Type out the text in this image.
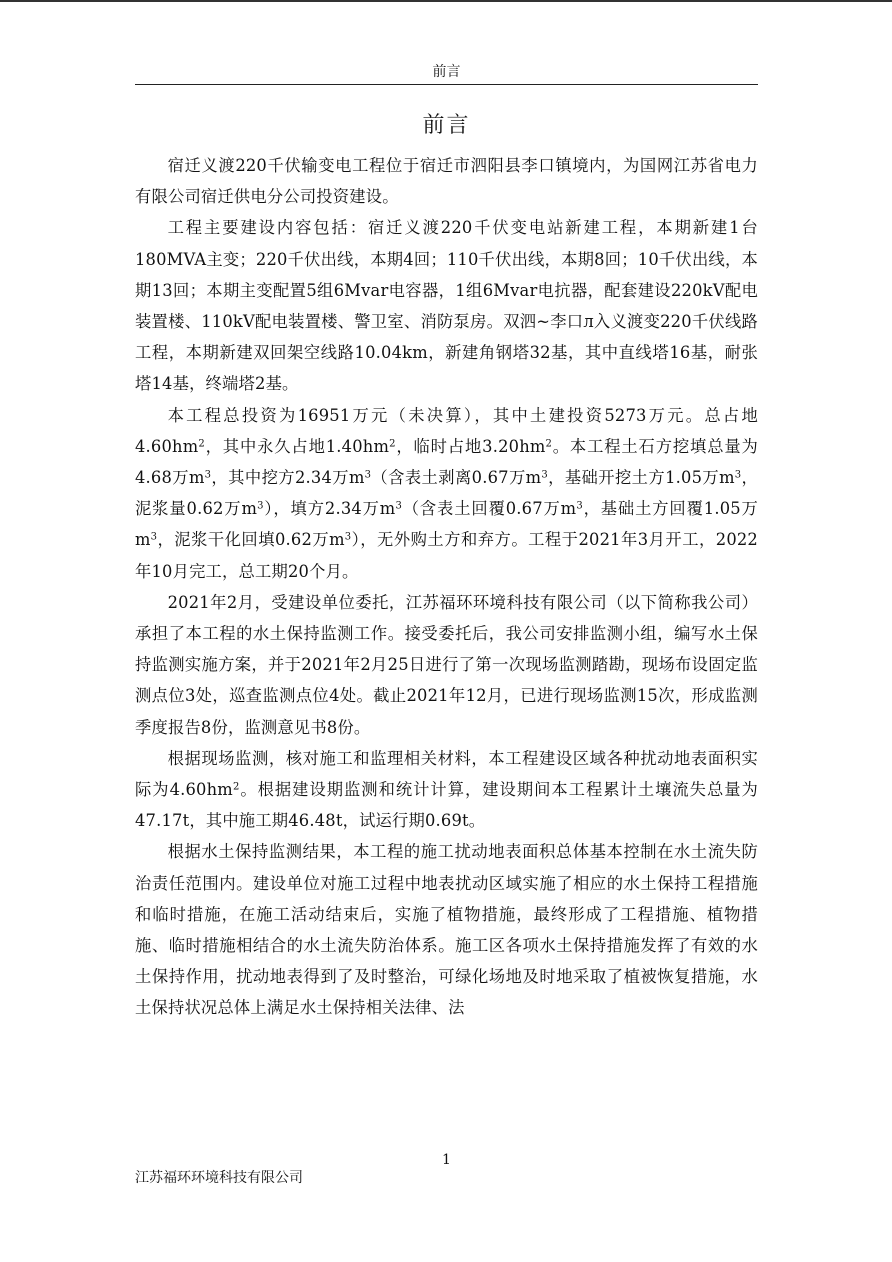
前言
前言

宿迁义渡220千伏输变电工程位于宿迁市泗阳县李口镇境内，为国网江苏省电力有限公司宿迁供电分公司投资建设。

工程主要建设内容包括：宿迁义渡220千伏变电站新建工程，本期新建1台180MVA主变；220千伏出线，本期4回；110千伏出线，本期8回；10千伏出线，本期13回；本期主变配置5组6Mvar电容器，1组6Mvar电抗器，配套建设220kV配电装置楼、110kV配电装置楼、警卫室、消防泵房。双泗~李口л入义渡变220千伏线路工程，本期新建双回架空线路10.04km，新建角钢塔32基，其中直线塔16基，耐张塔14基，终端塔2基。

本工程总投资为16951万元（未决算），其中土建投资5273万元。总占地$4.60hm^2$，其中永久占地$1.40hm^2$，临时占地$3.20hm^2$。本工程土石方挖填总量为4.68万$m^3$，其中挖方2.34万$m^3$（含表土剥离0.67万$m^3$，基础开挖土方1.05万$m^3$，泥浆量0.62万$m^3$），填方2.34万$m^3$（含表土回覆0.67万$m^3$，基础土方回覆1.05万$m^3$，泥浆干化回填0.62万$m^3$），无外购土方和弃方。工程于2021年3月开工，2022年10月完工，总工期20个月。

2021年2月，受建设单位委托，江苏福环环境科技有限公司（以下简称我公司）承担了本工程的水土保持监测工作。接受委托后，我公司安排监测小组，编写水土保持监测实施方案，并于2021年2月25日进行了第一次现场监测踏勘，现场布设固定监测点位3处，巡查监测点位4处。截止2021年12月，已进行现场监测15次，形成监测季度报告8份，监测意见书8份。

根据现场监测，核对施工和监理相关材料，本工程建设区域各种扰动地表面积实际为$4.60hm^2$。根据建设期监测和统计计算，建设期间本工程累计土壤流失总量为47.17t，其中施工期46.48t，试运行期0.69t。

根据水土保持监测结果，本工程的施工扰动地表面积总体基本控制在水土流失防治责任范围内。建设单位对施工过程中地表扰动区域实施了相应的水土保持工程措施和临时措施，在施工活动结束后，实施了植物措施，最终形成了工程措施、植物措施、临时措施相结合的水土流失防治体系。施工区各项水土保持措施发挥了有效的水土保持作用，扰动地表得到了及时整治，可绿化场地及时地采取了植被恢复措施，水土保持状况总体上满足水土保持相关法律、法

1
江苏福环环境科技有限公司
